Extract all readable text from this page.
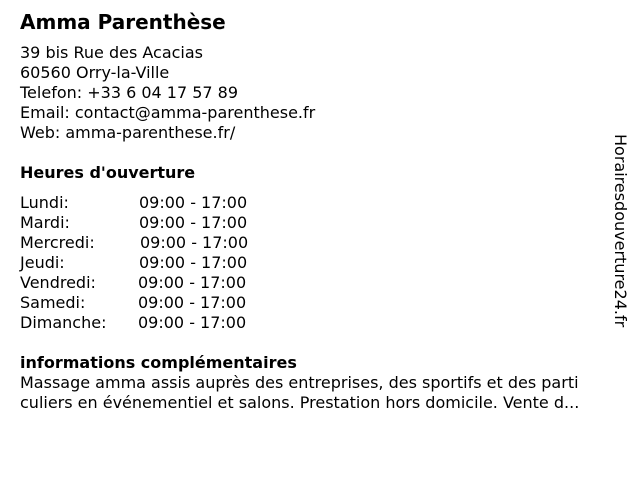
Amma Parenthèse
39 bis Rue des Acacias
60560 Orry-la-Ville
Telefon: +33 6 04 17 57 89
Email: contact@amma-parenthese.fr
Web: amma-parenthese.fr/
Heures d'ouverture
Lundi:	09:00 - 17:00
Mardi:	09:00 - 17:00
Mercredi:	09:00 - 17:00
Jeudi:	09:00 - 17:00
Vendredi:	09:00 - 17:00
Samedi:	09:00 - 17:00
Dimanche: 09:00 - 17:00
informations complémentaires
Massage amma assis auprès des entreprises, des sportifs et des parti
culiers en événementiel et salons. Prestation hors domicile. Vente d...
Horairesdouverture24.fr
